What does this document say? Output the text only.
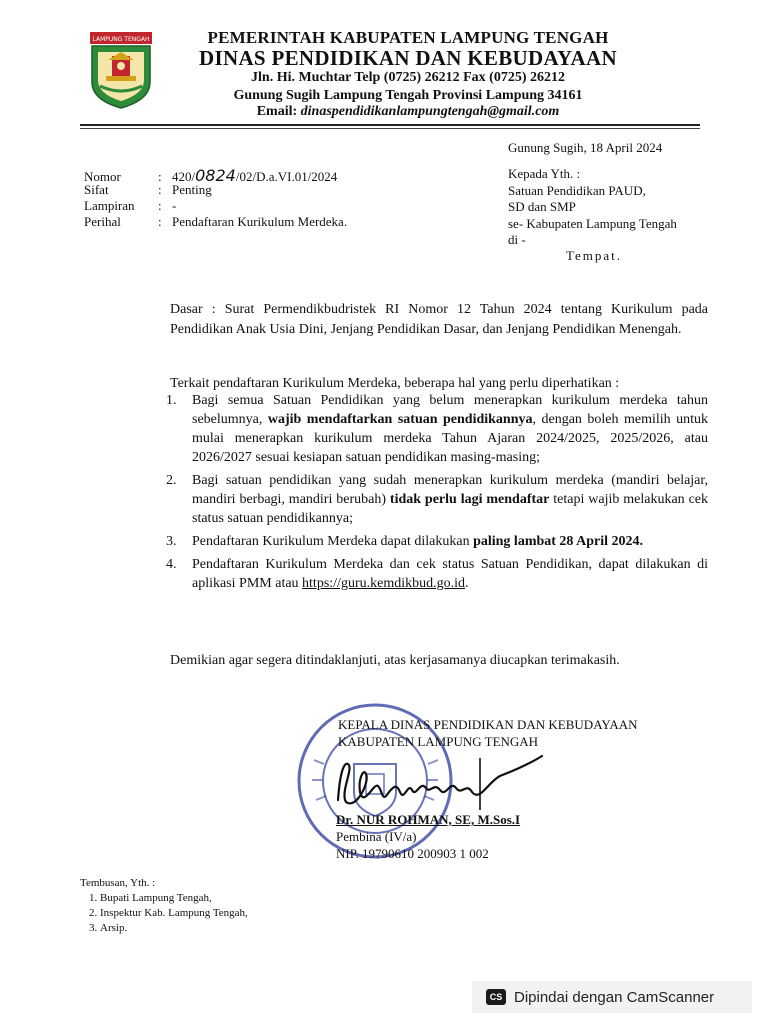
LAMPUNG TENGAH	PEMERINTAH KABUPATEN LAMPUNG TENGAH
DINAS PENDIDIKAN DAN KEBUDAYAAN
Jln. Hi. Muchtar Telp (0725) 26212 Fax (0725) 26212
Gunung Sugih Lampung Tengah Provinsi Lampung 34161
Email: dinaspendidikanlampungtengah@gmail.com
Gunung Sugih, 18 April 2024
Nomor	: 420/0824/02/D.a.VI.01/2024
Sifat	: Penting
Lampiran : -
Perihal	: Pendaftaran Kurikulum Merdeka.
Kepada Yth. :
Satuan Pendidikan PAUD,
SD dan SMP
se- Kabupaten Lampung Tengah
di -
Tempat.
Dasar : Surat Permendikbudristek RI Nomor 12 Tahun 2024 tentang Kurikulum pada Pendidikan Anak Usia Dini, Jenjang Pendidikan Dasar, dan Jenjang Pendidikan Menengah.
Terkait pendaftaran Kurikulum Merdeka, beberapa hal yang perlu diperhatikan :
1.	Bagi semua Satuan Pendidikan yang belum menerapkan kurikulum merdeka tahun sebelumnya, wajib mendaftarkan satuan pendidikannya, dengan boleh memilih untuk mulai menerapkan kurikulum merdeka Tahun Ajaran 2024/2025, 2025/2026, atau 2026/2027 sesuai kesiapan satuan pendidikan masing-masing;
2.	Bagi satuan pendidikan yang sudah menerapkan kurikulum merdeka (mandiri belajar, mandiri berbagi, mandiri berubah) tidak perlu lagi mendaftar tetapi wajib melakukan cek status satuan pendidikannya;
3.	Pendaftaran Kurikulum Merdeka dapat dilakukan paling lambat 28 April 2024.
4.	Pendaftaran Kurikulum Merdeka dan cek status Satuan Pendidikan, dapat dilakukan di aplikasi PMM atau https://guru.kemdikbud.go.id.
Demikian agar segera ditindaklanjuti, atas kerjasamanya diucapkan terimakasih.
KEPALA DINAS PENDIDIKAN DAN KEBUDAYAAN
KABUPATEN LAMPUNG TENGAH
Dr. NUR ROHMAN, SE, M.Sos.I
Pembina (IV/a)
NIP. 19790610 200903 1 002
Tembusan, Yth. :
1. Bupati Lampung Tengah,
2. Inspektur Kab. Lampung Tengah,
3. Arsip.
CS Dipindai dengan CamScanner
